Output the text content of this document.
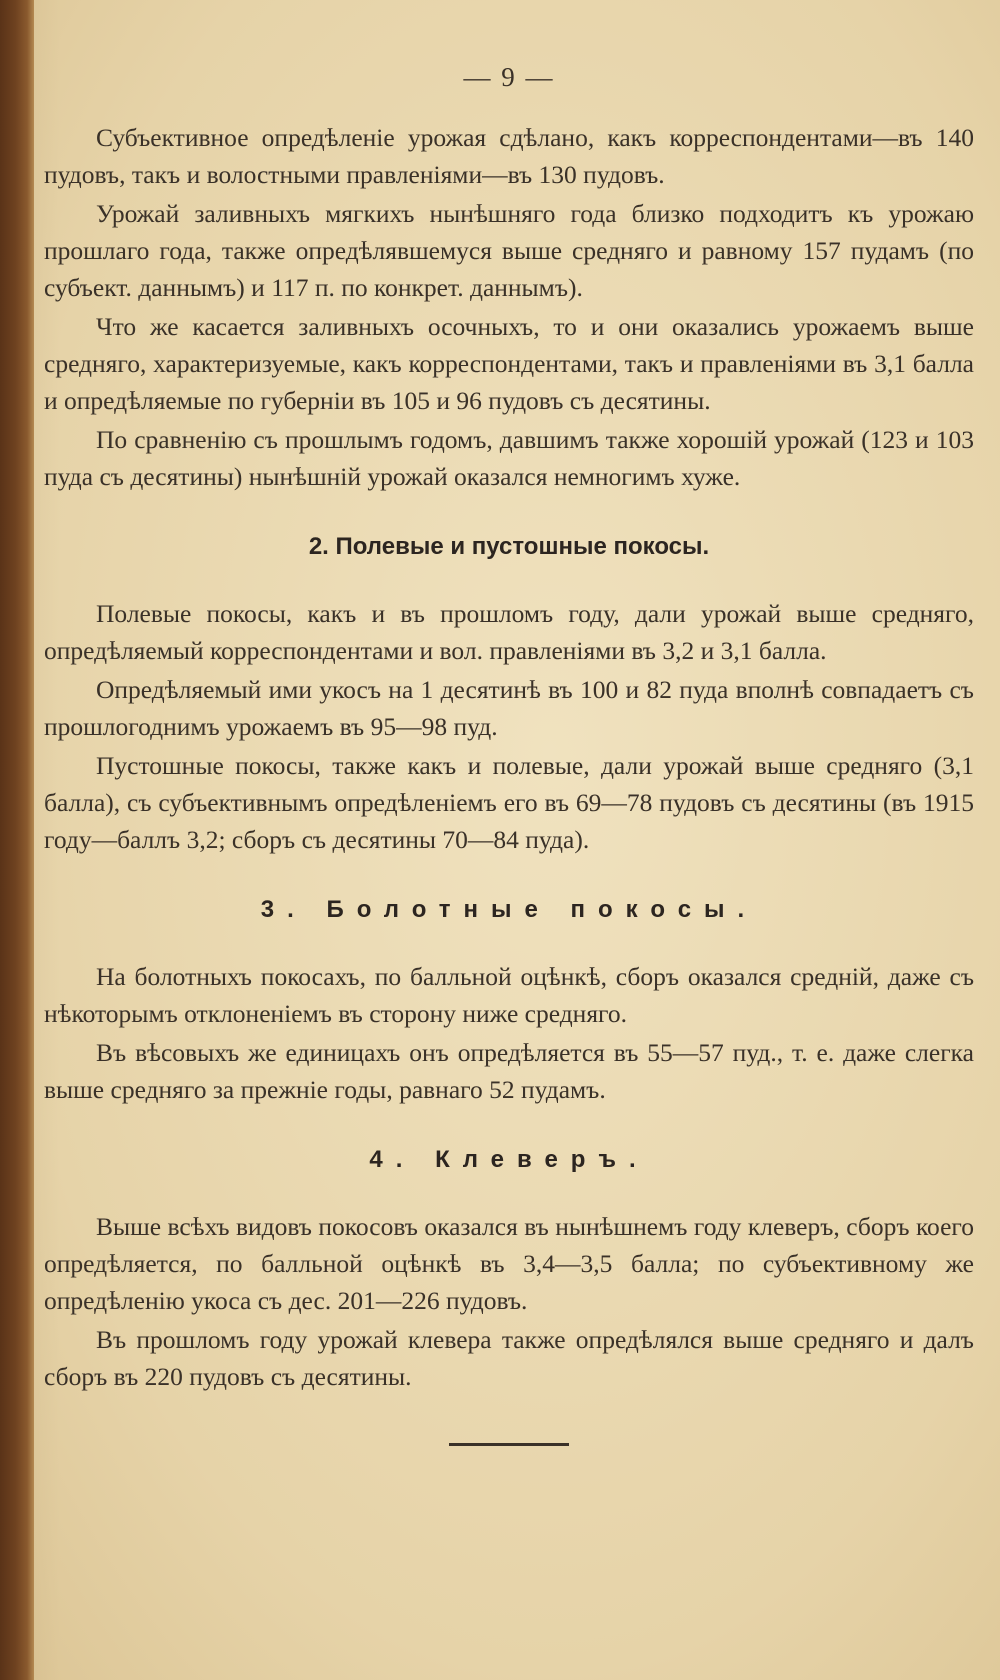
— 9 —

Субъективное опредѣленіе урожая сдѣлано, какъ корреспондентами—въ 140 пудовъ, такъ и волостными правленіями—въ 130 пудовъ.

Урожай заливныхъ мягкихъ нынѣшняго года близко подходитъ къ урожаю прошлаго года, также опредѣлявшемуся выше средняго и равному 157 пудамъ (по субъект. даннымъ) и 117 п. по конкрет. даннымъ).

Что же касается заливныхъ осочныхъ, то и они оказались урожаемъ выше средняго, характеризуемые, какъ корреспондентами, такъ и правленіями въ 3,1 балла и опредѣляемые по губерніи въ 105 и 96 пудовъ съ десятины.

По сравненію съ прошлымъ годомъ, давшимъ также хорошій урожай (123 и 103 пуда съ десятины) нынѣшній урожай оказался немногимъ хуже.

2. Полевые и пустошные покосы.

Полевые покосы, какъ и въ прошломъ году, дали урожай выше средняго, опредѣляемый корреспондентами и вол. правленіями въ 3,2 и 3,1 балла.

Опредѣляемый ими укосъ на 1 десятинѣ въ 100 и 82 пуда вполнѣ совпадаетъ съ прошлогоднимъ урожаемъ въ 95—98 пуд.

Пустошные покосы, также какъ и полевые, дали урожай выше средняго (3,1 балла), съ субъективнымъ опредѣленіемъ его въ 69—78 пудовъ съ десятины (въ 1915 году—баллъ 3,2; сборъ съ десятины 70—84 пуда).

3. Болотные покосы.

На болотныхъ покосахъ, по балльной оцѣнкѣ, сборъ оказался средній, даже съ нѣкоторымъ отклоненіемъ въ сторону ниже средняго.

Въ вѣсовыхъ же единицахъ онъ опредѣляется въ 55—57 пуд., т. е. даже слегка выше средняго за прежніе годы, равнаго 52 пудамъ.

4. Клеверъ.

Выше всѣхъ видовъ покосовъ оказался въ нынѣшнемъ году клеверъ, сборъ коего опредѣляется, по балльной оцѣнкѣ въ 3,4—3,5 балла; по субъективному же опредѣленію укоса съ дес. 201—226 пудовъ.

Въ прошломъ году урожай клевера также опредѣлялся выше средняго и далъ сборъ въ 220 пудовъ съ десятины.
